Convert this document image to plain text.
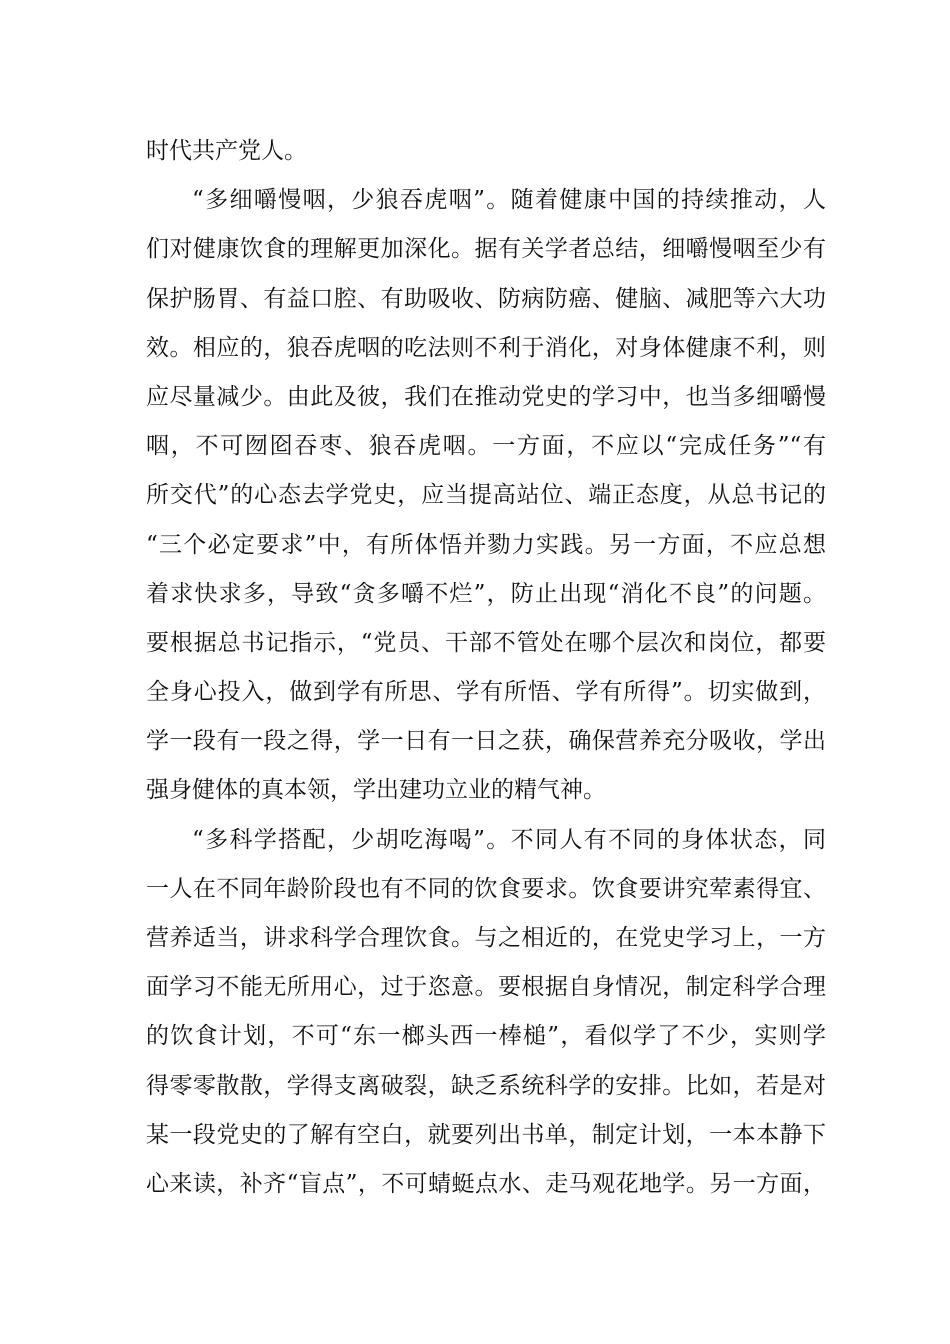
时代共产党人。
“多细嚼慢咽，少狼吞虎咽”。随着健康中国的持续推动，人
们对健康饮食的理解更加深化。据有关学者总结，细嚼慢咽至少有
保护肠胃、有益口腔、有助吸收、防病防癌、健脑、减肥等六大功
效。相应的，狼吞虎咽的吃法则不利于消化，对身体健康不利，则
应尽量减少。由此及彼，我们在推动党史的学习中，也当多细嚼慢
咽，不可囫囵吞枣、狼吞虎咽。一方面，不应以“完成任务”“有
所交代”的心态去学党史，应当提高站位、端正态度，从总书记的
“三个必定要求”中，有所体悟并勠力实践。另一方面，不应总想
着求快求多，导致“贪多嚼不烂”，防止出现“消化不良”的问题。
要根据总书记指示，“党员、干部不管处在哪个层次和岗位，都要
全身心投入，做到学有所思、学有所悟、学有所得”。切实做到，
学一段有一段之得，学一日有一日之获，确保营养充分吸收，学出
强身健体的真本领，学出建功立业的精气神。
“多科学搭配，少胡吃海喝”。不同人有不同的身体状态，同
一人在不同年龄阶段也有不同的饮食要求。饮食要讲究荤素得宜、
营养适当，讲求科学合理饮食。与之相近的，在党史学习上，一方
面学习不能无所用心，过于恣意。要根据自身情况，制定科学合理
的饮食计划，不可“东一榔头西一棒槌”，看似学了不少，实则学
得零零散散，学得支离破裂，缺乏系统科学的安排。比如，若是对
某一段党史的了解有空白，就要列出书单，制定计划，一本本静下
心来读，补齐“盲点”，不可蜻蜓点水、走马观花地学。另一方面，
